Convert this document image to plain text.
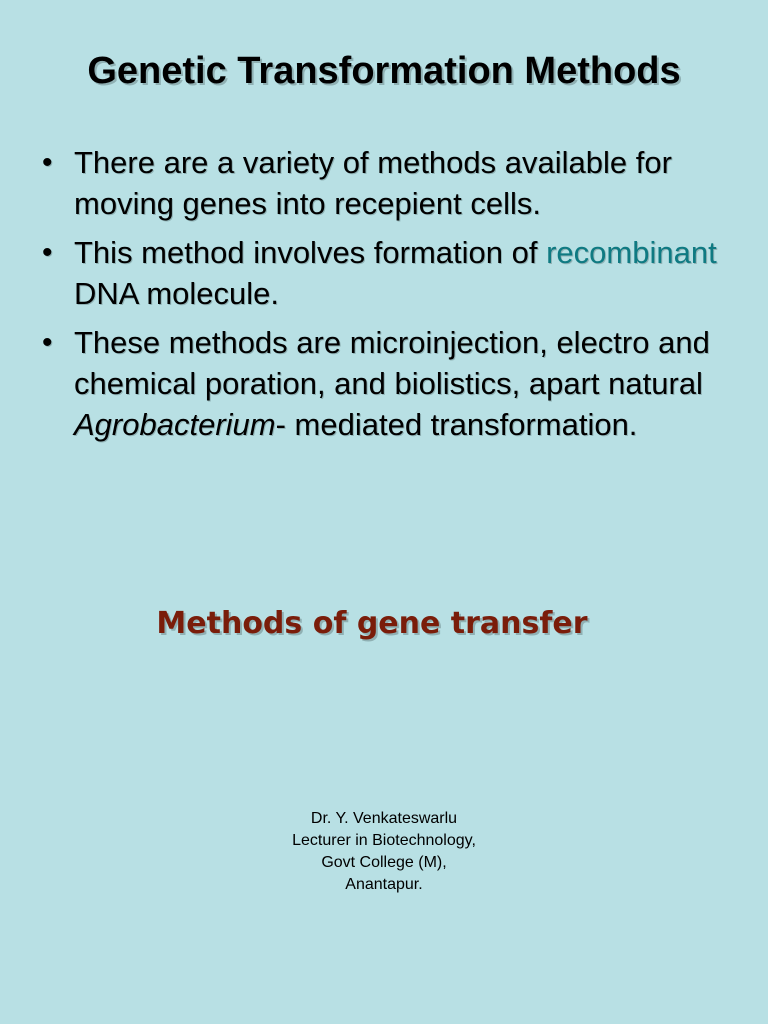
Genetic Transformation Methods
• There are a variety of methods available for moving genes into recepient cells.
• This method involves formation of recombinant DNA molecule.
• These methods are microinjection, electro and chemical poration, and biolistics, apart natural Agrobacterium- mediated transformation.
Methods of gene transfer
Dr. Y. Venkateswarlu
Lecturer in Biotechnology,
Govt College (M),
Anantapur.
